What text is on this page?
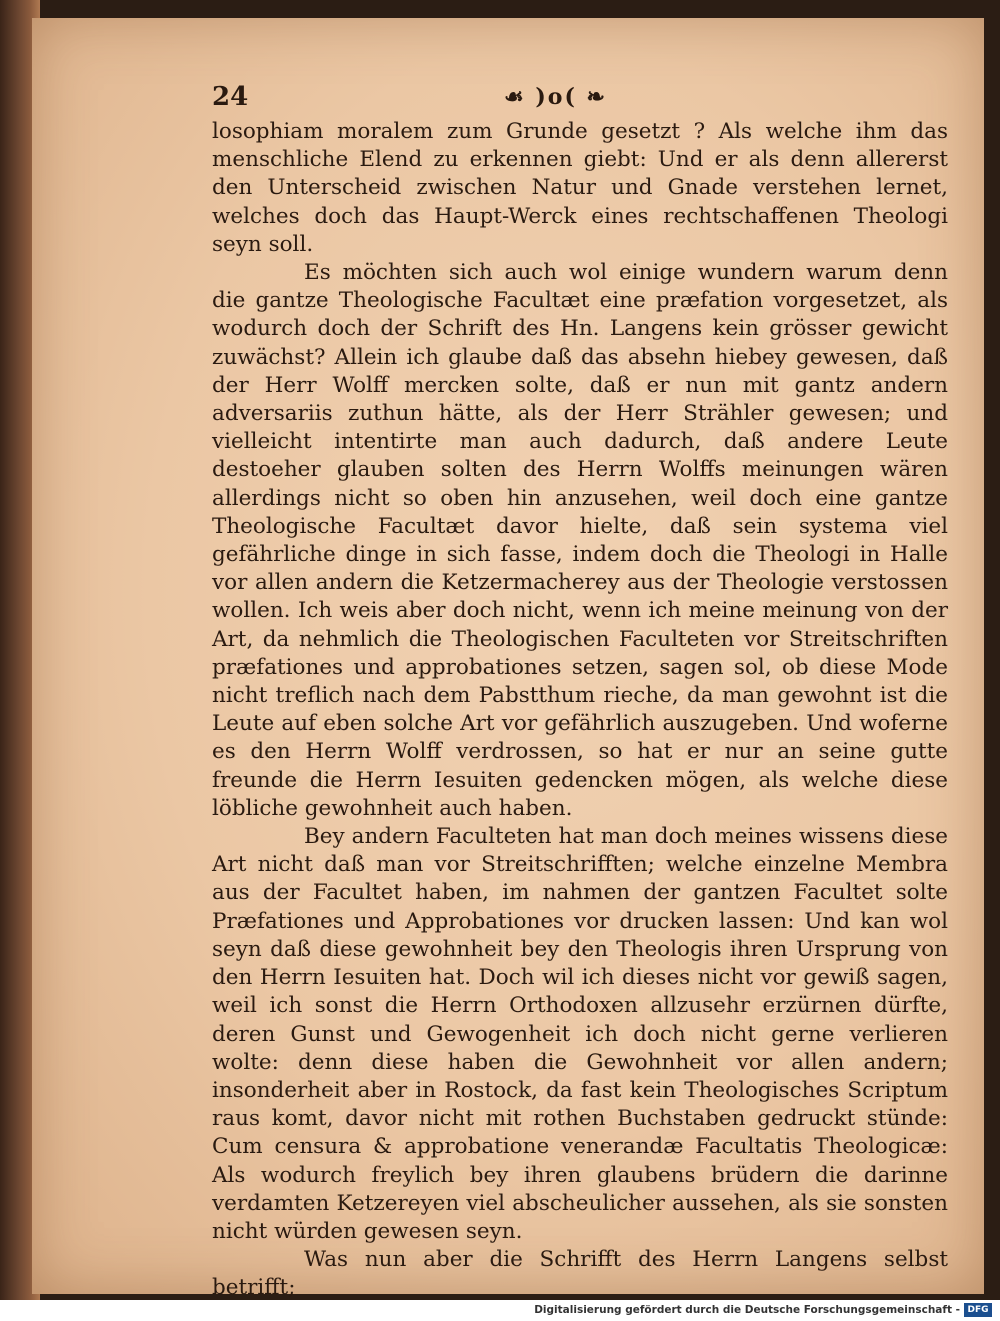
24	☙ )o( ❧

losophiam moralem zum Grunde gesetzt ? Als welche ihm das menschliche Elend zu erkennen giebt: Und er als denn allererst den Unterscheid zwischen Natur und Gnade verstehen lernet, welches doch das Haupt-Werck eines rechtschaffenen Theologi seyn soll.

Es möchten sich auch wol einige wundern warum denn die gantze Theologische Facultæt eine præfation vorgesetzet, als wodurch doch der Schrift des Hn. Langens kein grösser gewicht zuwächst? Allein ich glaube daß das absehn hiebey gewesen, daß der Herr Wolff mercken solte, daß er nun mit gantz andern adversariis zuthun hätte, als der Herr Strähler gewesen; und vielleicht intentirte man auch dadurch, daß andere Leute destoeher glauben solten des Herrn Wolffs meinungen wären allerdings nicht so oben hin anzusehen, weil doch eine gantze Theologische Facultæt davor hielte, daß sein systema viel gefährliche dinge in sich fasse, indem doch die Theologi in Halle vor allen andern die Ketzermacherey aus der Theologie verstossen wollen. Ich weis aber doch nicht, wenn ich meine meinung von der Art, da nehmlich die Theologischen Faculteten vor Streitschriften præfationes und approbationes setzen, sagen sol, ob diese Mode nicht treflich nach dem Pabstthum rieche, da man gewohnt ist die Leute auf eben solche Art vor gefährlich auszugeben. Und woferne es den Herrn Wolff verdrossen, so hat er nur an seine gutte freunde die Herrn Iesuiten gedencken mögen, als welche diese löbliche gewohnheit auch haben.

Bey andern Faculteten hat man doch meines wissens diese Art nicht daß man vor Streitschrifften; welche einzelne Membra aus der Facultet haben, im nahmen der gantzen Facultet solte Præfationes und Approbationes vor drucken lassen: Und kan wol seyn daß diese gewohnheit bey den Theologis ihren Ursprung von den Herrn Iesuiten hat. Doch wil ich dieses nicht vor gewiß sagen, weil ich sonst die Herrn Orthodoxen allzusehr erzürnen dürfte, deren Gunst und Gewogenheit ich doch nicht gerne verlieren wolte: denn diese haben die Gewohnheit vor allen andern; insonderheit aber in Rostock, da fast kein Theologisches Scriptum raus komt, davor nicht mit rothen Buchstaben gedruckt stünde: Cum censura & approbatione venerandæ Facultatis Theologicæ: Als wodurch freylich bey ihren glaubens brüdern die darinne verdamten Ketzereyen viel abscheulicher aussehen, als sie sonsten nicht würden gewesen seyn.

Was nun aber die Schrifft des Herrn Langens selbst betrifft;

Digitalisierung gefördert durch die Deutsche Forschungsgemeinschaft - DFG
